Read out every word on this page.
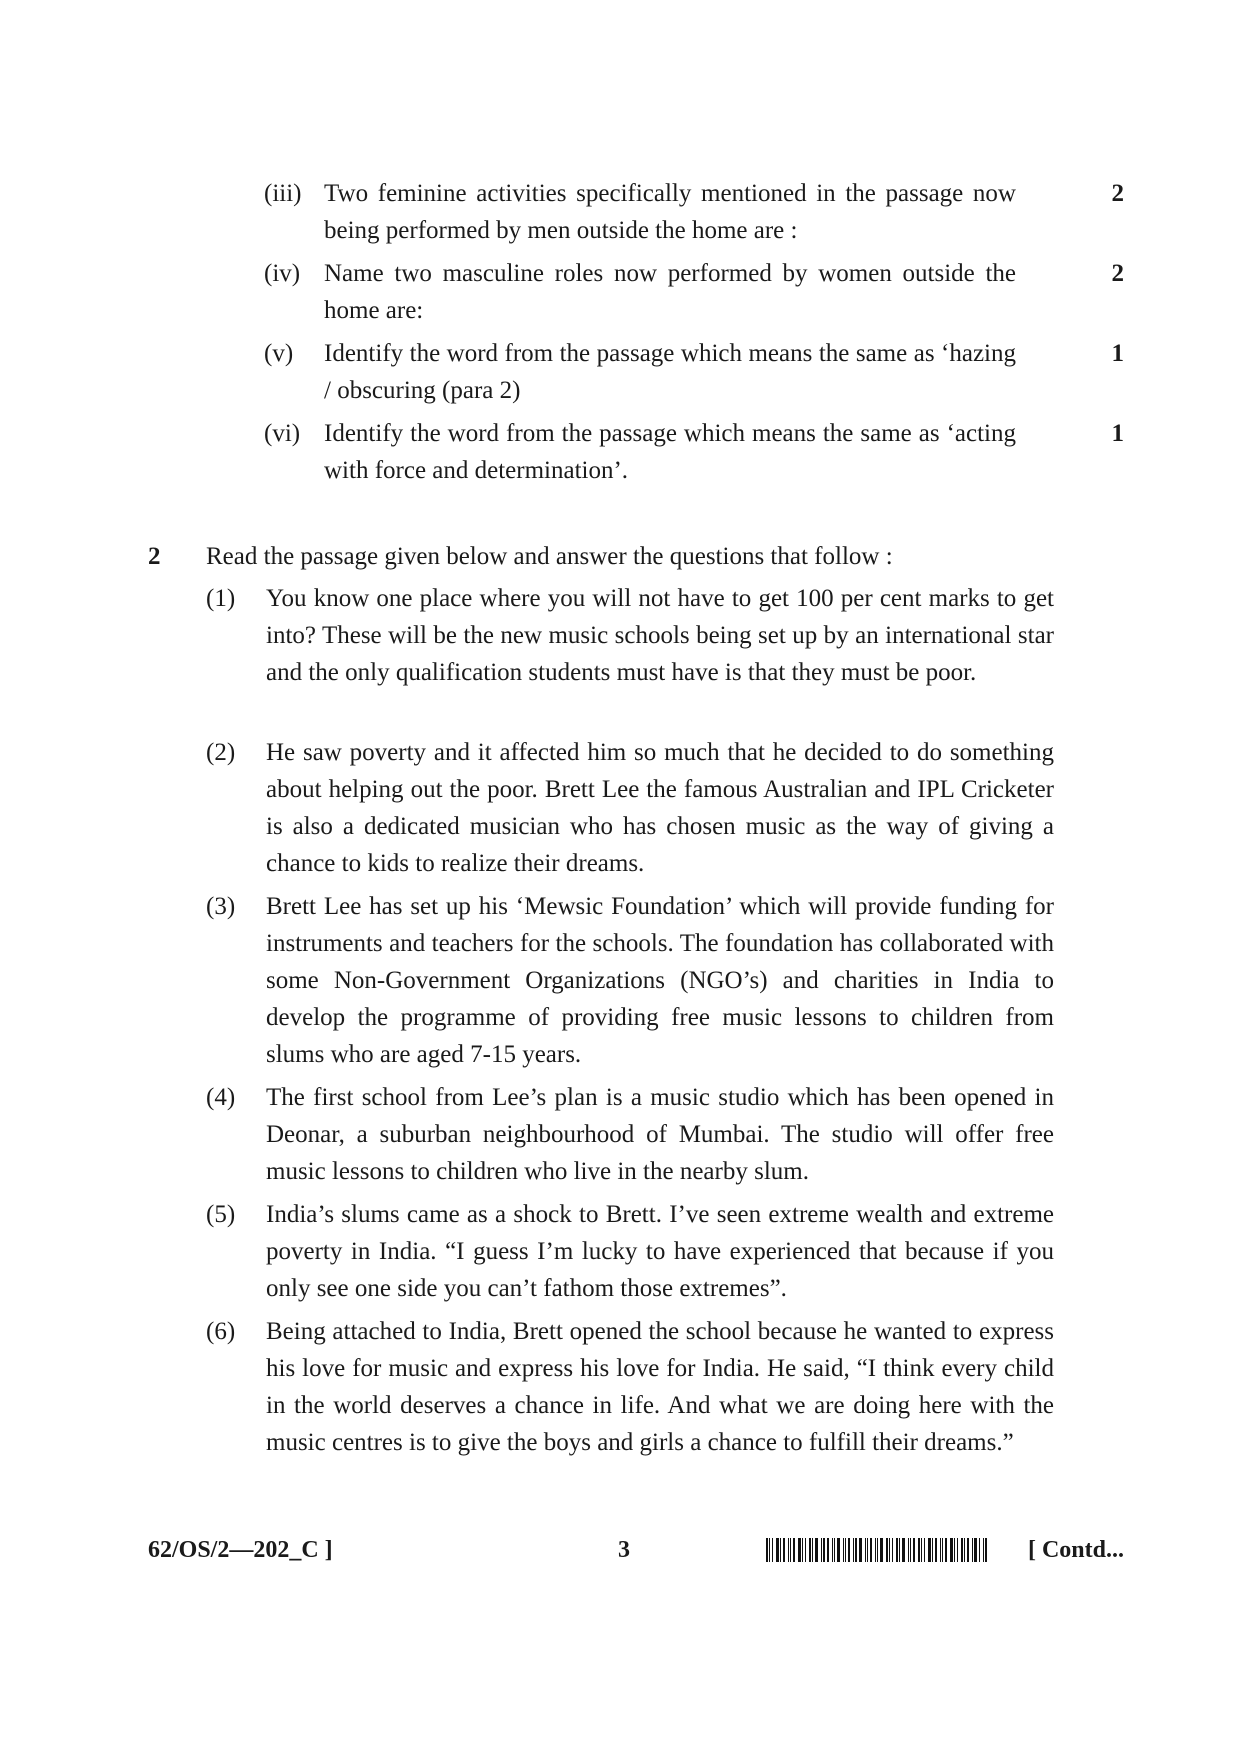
(iii) Two feminine activities specifically mentioned in the passage now being performed by men outside the home are :
2
(iv) Name two masculine roles now performed by women outside the home are:
2
(v)	Identify the word from the passage which means the same as ‘hazing / obscuring (para 2)
1
(vi) Identify the word from the passage which means the same as ‘acting with force and determination’.
1
2 Read the passage given below and answer the questions that follow :
(1)	You know one place where you will not have to get 100 per cent marks to get into? These will be the new music schools being set up by an international star and the only qualification students must have is that they must be poor.
(2)	He saw poverty and it affected him so much that he decided to do something about helping out the poor. Brett Lee the famous Australian and IPL Cricketer is also a dedicated musician who has chosen music as the way of giving a chance to kids to realize their dreams.
(3)	Brett Lee has set up his ‘Mewsic Foundation’ which will provide funding for instruments and teachers for the schools. The foundation has collaborated with some Non-Government Organizations (NGO’s) and charities in India to develop the programme of providing free music lessons to children from slums who are aged 7-15 years.
(4)	The first school from Lee’s plan is a music studio which has been opened in Deonar, a suburban neighbourhood of Mumbai. The studio will offer free music lessons to children who live in the nearby slum.
(5)	India’s slums came as a shock to Brett. I’ve seen extreme wealth and extreme poverty in India. “I guess I’m lucky to have experienced that because if you only see one side you can’t fathom those extremes”.
(6)	Being attached to India, Brett opened the school because he wanted to express his love for music and express his love for India. He said, “I think every child in the world deserves a chance in life. And what we are doing here with the music centres is to give the boys and girls a chance to fulfill their dreams.”
62/OS/2—202_C ]	3	[ Contd...
